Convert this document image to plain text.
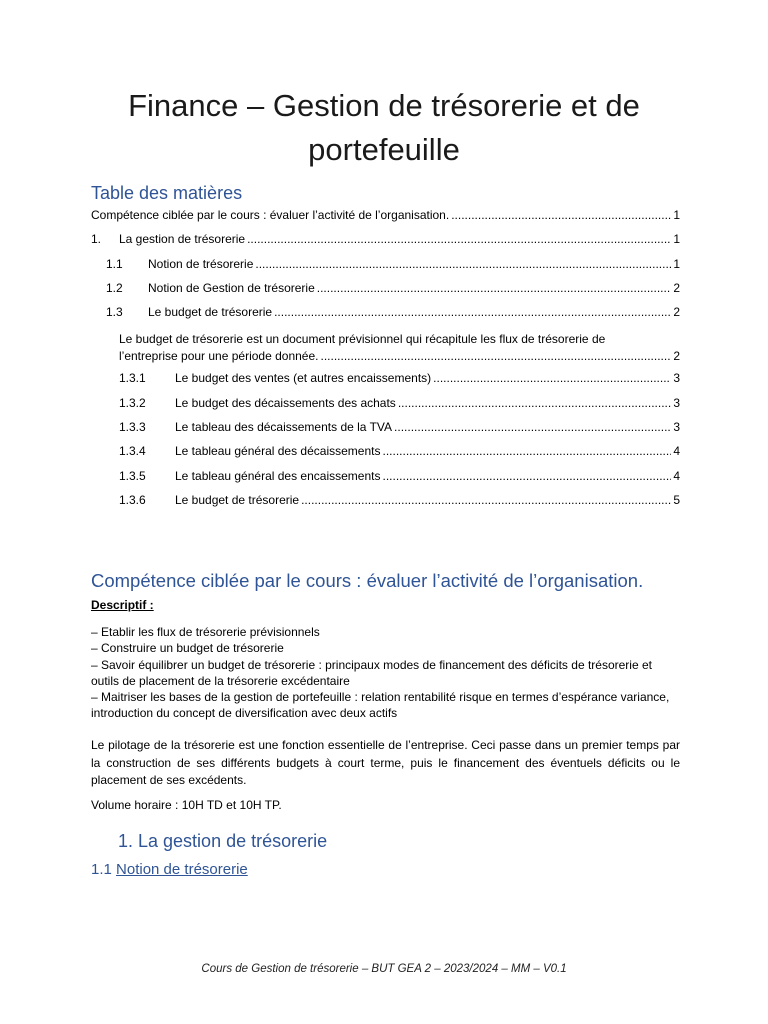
Finance – Gestion de trésorerie et de portefeuille
Table des matières
Compétence ciblée par le cours : évaluer l’activité de l’organisation. .....	1
1.	La gestion de trésorerie .....	1
1.1	Notion de trésorerie .....	1
1.2	Notion de Gestion de trésorerie .....	2
1.3	Le budget de trésorerie .....	2
Le budget de trésorerie est un document prévisionnel qui récapitule les flux de trésorerie de
l’entreprise pour une période donnée. .....	2
1.3.1	Le budget des ventes (et autres encaissements) .....	3
1.3.2	Le budget des décaissements des achats .....	3
1.3.3	Le tableau des décaissements de la TVA .....	3
1.3.4	Le tableau général des décaissements .....	4
1.3.5	Le tableau général des encaissements .....	4
1.3.6	Le budget de trésorerie .....	5
Compétence ciblée par le cours : évaluer l’activité de l’organisation.

Descriptif :

– Etablir les flux de trésorerie prévisionnels
– Construire un budget de trésorerie
– Savoir équilibrer un budget de trésorerie : principaux modes de financement des déficits de trésorerie et outils de placement de la trésorerie excédentaire
– Maitriser les bases de la gestion de portefeuille : relation rentabilité risque en termes d’espérance variance, introduction du concept de diversification avec deux actifs

Le pilotage de la trésorerie est une fonction essentielle de l’entreprise. Ceci passe dans un premier temps par la construction de ses différents budgets à court terme, puis le financement des éventuels déficits ou le placement de ses excédents.

Volume horaire : 10H TD et 10H TP.

1. La gestion de trésorerie
1.1 Notion de trésorerie

Cours de Gestion de trésorerie – BUT GEA 2 – 2023/2024 – MM – V0.1
